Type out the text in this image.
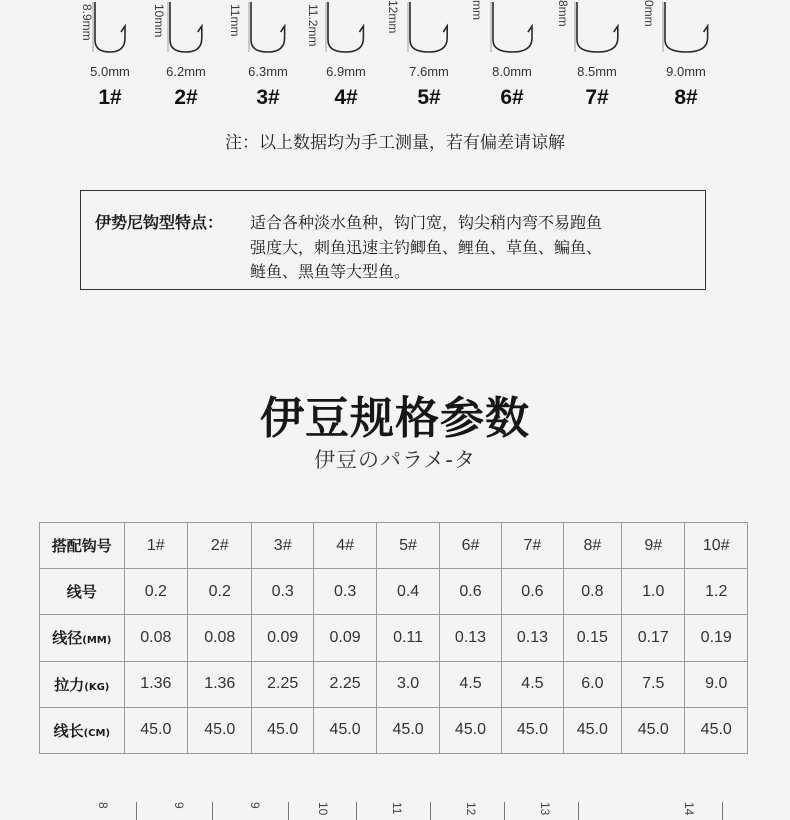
8.9mm
5.0mm
1#
10mm
6.2mm
2#
11mm
6.3mm
3#
11.2mm
6.9mm
4#
12mm
7.6mm
5#
mm
8.0mm
6#
8mm
8.5mm
7#
0mm
9.0mm
8#
注：以上数据均为手工测量，若有偏差请谅解
伊势尼钩型特点： 适合各种淡水鱼种，钩门宽，钩尖稍内弯不易跑鱼
强度大，刺鱼迅速主钓鲫鱼、鲤鱼、草鱼、鳊鱼、
鲢鱼、黑鱼等大型鱼。
伊豆规格参数
伊豆のパラメ-タ
搭配钩号	1#	2#	3#	4#	5#	6#	7#	8#	9#	10#
线号	0.2	0.2	0.3	0.3	0.4	0.6	0.6	0.8	1.0	1.2
线径(MM)	0.08	0.08	0.09	0.09	0.11	0.13	0.13	0.15	0.17	0.19
拉力(KG)	1.36	1.36	2.25	2.25	3.0	4.5	4.5	6.0	7.5	9.0
线长(CM)	45.0	45.0	45.0	45.0	45.0	45.0	45.0	45.0	45.0	45.0
8	9	9	10	11	12	13	14
